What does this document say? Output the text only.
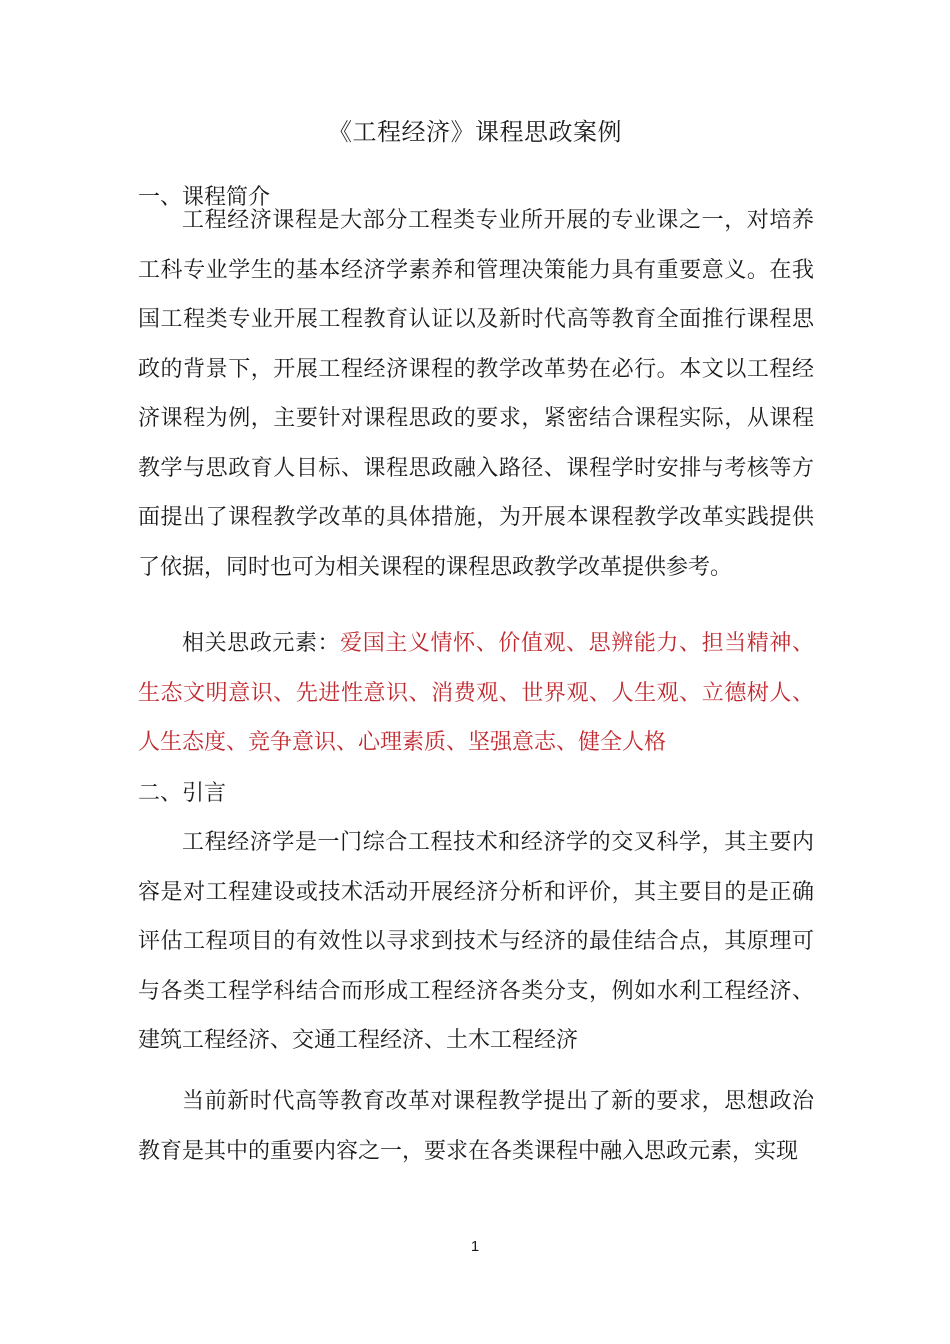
《工程经济》课程思政案例
一、课程简介

工程经济课程是大部分工程类专业所开展的专业课之一，对培养工科专业学生的基本经济学素养和管理决策能力具有重要意义。在我国工程类专业开展工程教育认证以及新时代高等教育全面推行课程思政的背景下，开展工程经济课程的教学改革势在必行。本文以工程经济课程为例，主要针对课程思政的要求，紧密结合课程实际，从课程教学与思政育人目标、课程思政融入路径、课程学时安排与考核等方面提出了课程教学改革的具体措施，为开展本课程教学改革实践提供了依据，同时也可为相关课程的课程思政教学改革提供参考。

相关思政元素：爱国主义情怀、价值观、思辨能力、担当精神、生态文明意识、先进性意识、消费观、世界观、人生观、立德树人、人生态度、竞争意识、心理素质、坚强意志、健全人格

二、引言

工程经济学是一门综合工程技术和经济学的交叉科学，其主要内容是对工程建设或技术活动开展经济分析和评价，其主要目的是正确评估工程项目的有效性以寻求到技术与经济的最佳结合点，其原理可与各类工程学科结合而形成工程经济各类分支，例如水利工程经济、建筑工程经济、交通工程经济、土木工程经济

当前新时代高等教育改革对课程教学提出了新的要求，思想政治教育是其中的重要内容之一，要求在各类课程中融入思政元素，实现

1
